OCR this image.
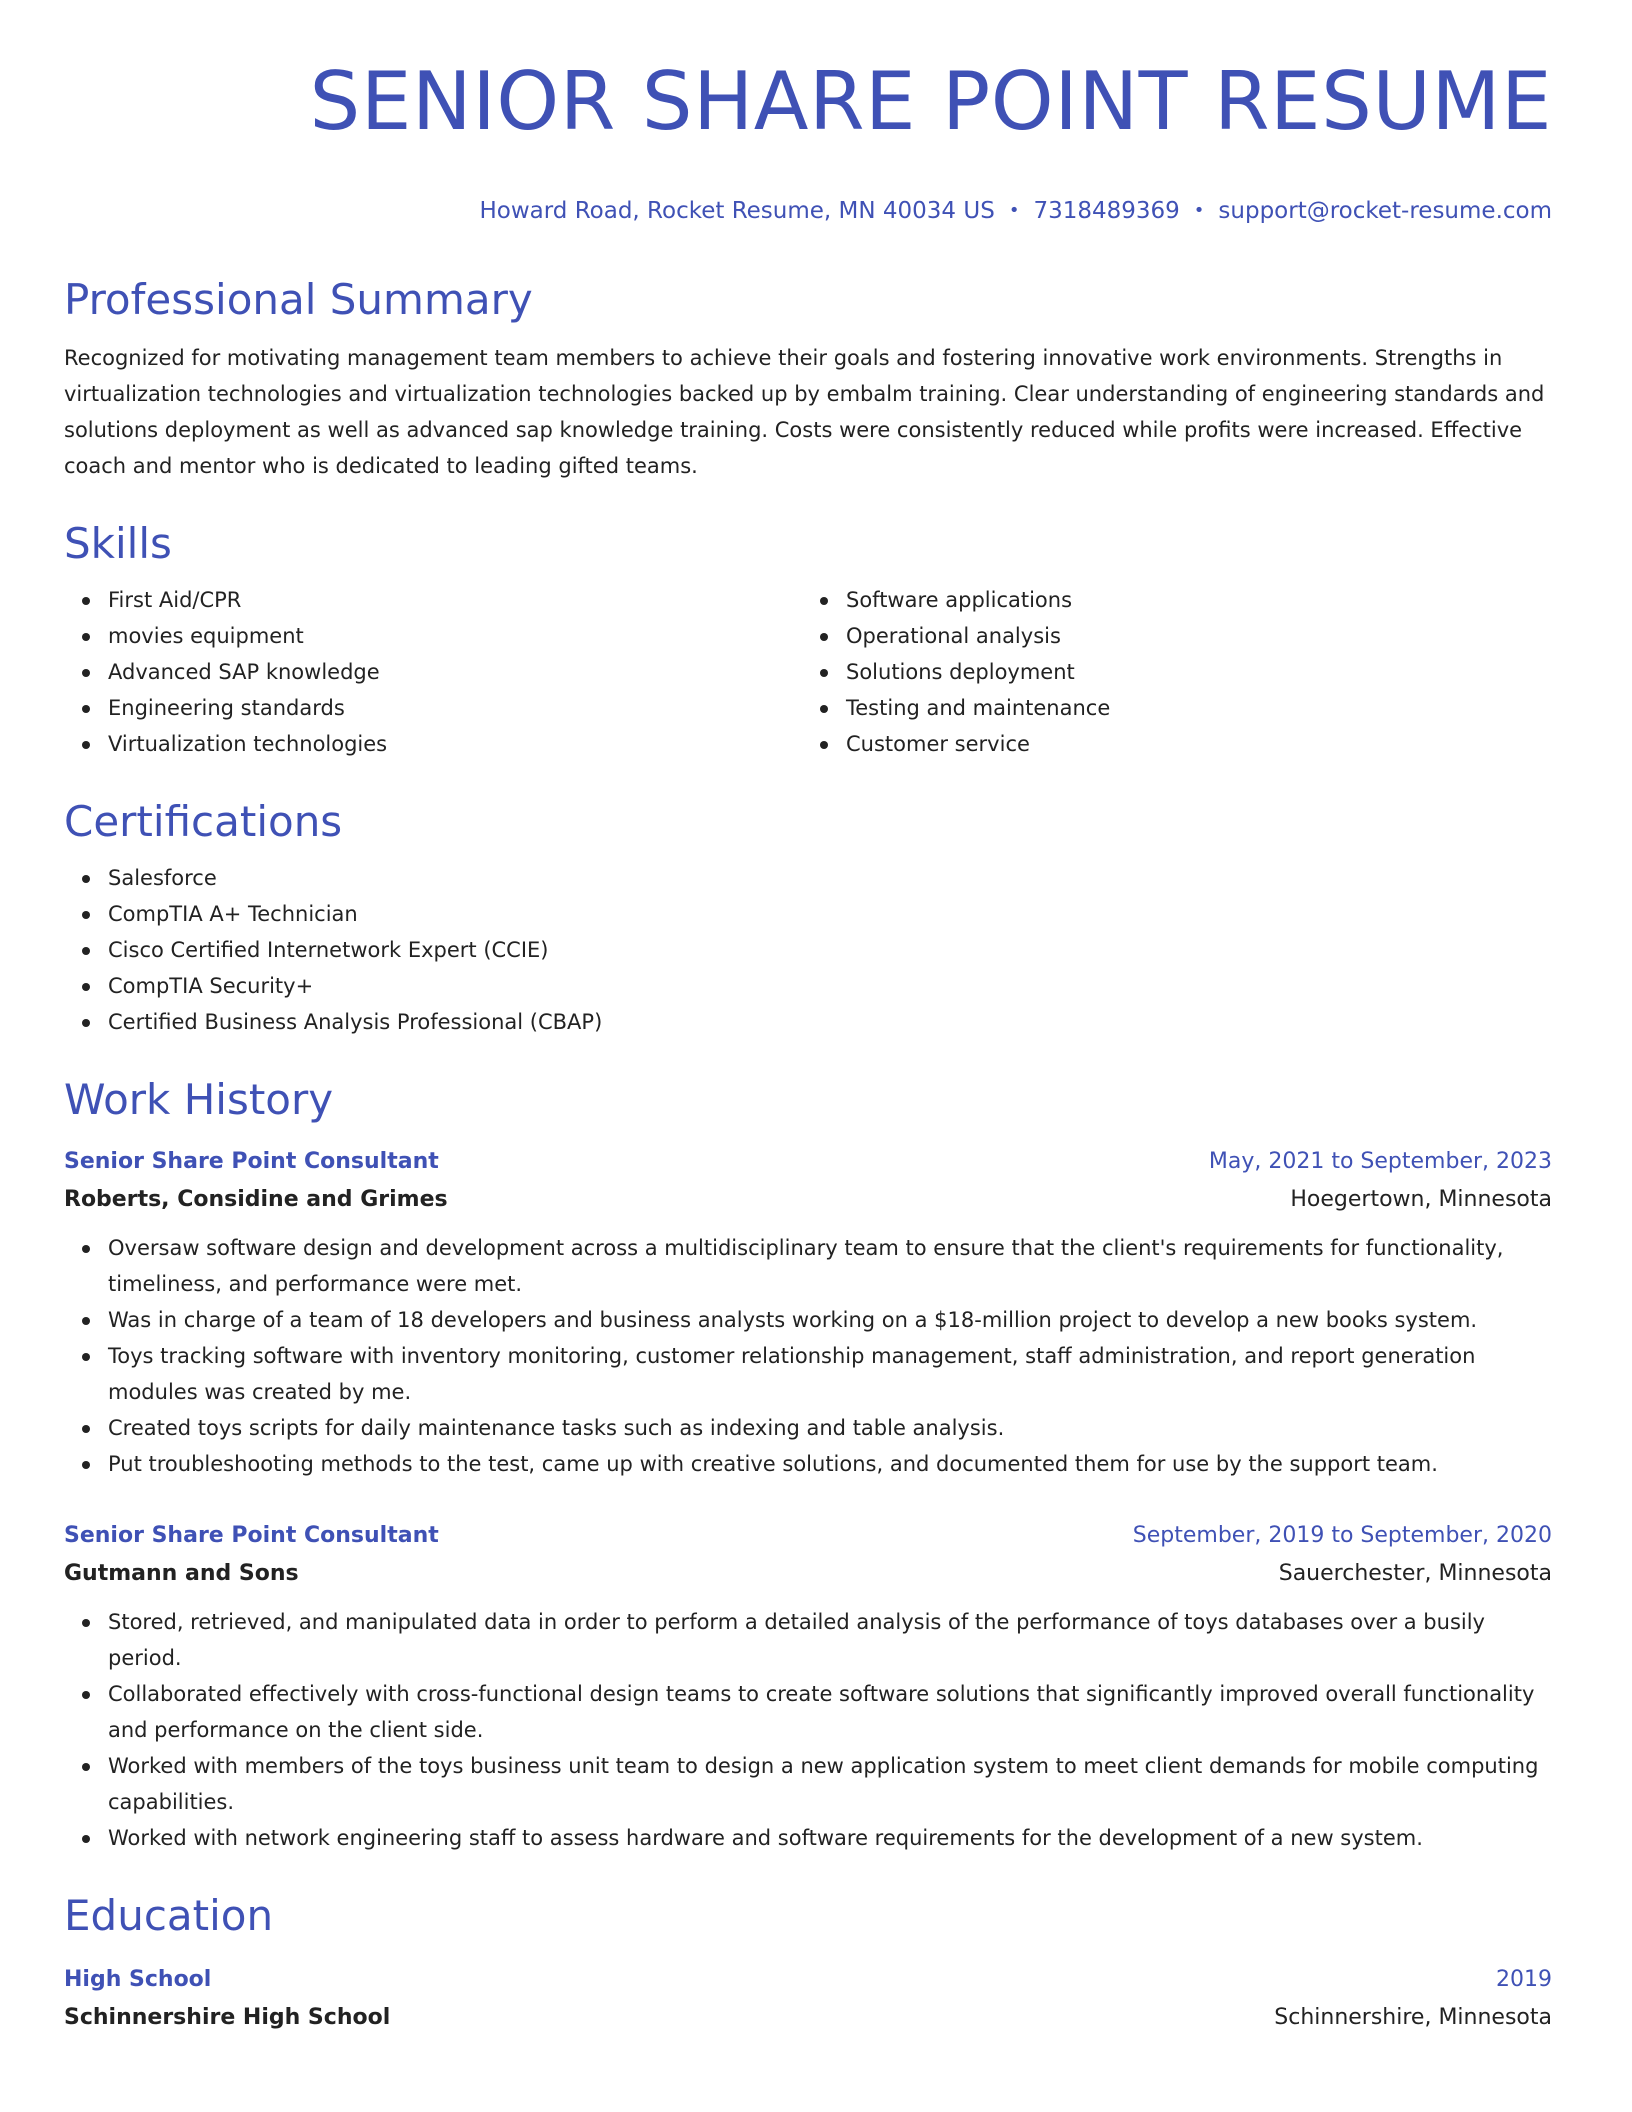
SENIOR SHARE POINT RESUME
Howard Road, Rocket Resume, MN 40034 US • 7318489369 • support@rocket-resume.com
Professional Summary
Recognized for motivating management team members to achieve their goals and fostering innovative work environments. Strengths in virtualization technologies and virtualization technologies backed up by embalm training. Clear understanding of engineering standards and solutions deployment as well as advanced sap knowledge training. Costs were consistently reduced while profits were increased. Effective coach and mentor who is dedicated to leading gifted teams.
Skills
First Aid/CPR
movies equipment
Advanced SAP knowledge
Engineering standards
Virtualization technologies
Software applications
Operational analysis
Solutions deployment
Testing and maintenance
Customer service
Certifications
Salesforce
CompTIA A+ Technician
Cisco Certified Internetwork Expert (CCIE)
CompTIA Security+
Certified Business Analysis Professional (CBAP)
Work History
Senior Share Point Consultant	May, 2021 to September, 2023
Roberts, Considine and Grimes	Hoegertown, Minnesota
Oversaw software design and development across a multidisciplinary team to ensure that the client's requirements for functionality, timeliness, and performance were met.
Was in charge of a team of 18 developers and business analysts working on a $18-million project to develop a new books system.
Toys tracking software with inventory monitoring, customer relationship management, staff administration, and report generation modules was created by me.
Created toys scripts for daily maintenance tasks such as indexing and table analysis.
Put troubleshooting methods to the test, came up with creative solutions, and documented them for use by the support team.
Senior Share Point Consultant	September, 2019 to September, 2020
Gutmann and Sons	Sauerchester, Minnesota
Stored, retrieved, and manipulated data in order to perform a detailed analysis of the performance of toys databases over a busily period.
Collaborated effectively with cross-functional design teams to create software solutions that significantly improved overall functionality and performance on the client side.
Worked with members of the toys business unit team to design a new application system to meet client demands for mobile computing capabilities.
Worked with network engineering staff to assess hardware and software requirements for the development of a new system.
Education
High School	2019
Schinnershire High School	Schinnershire, Minnesota
